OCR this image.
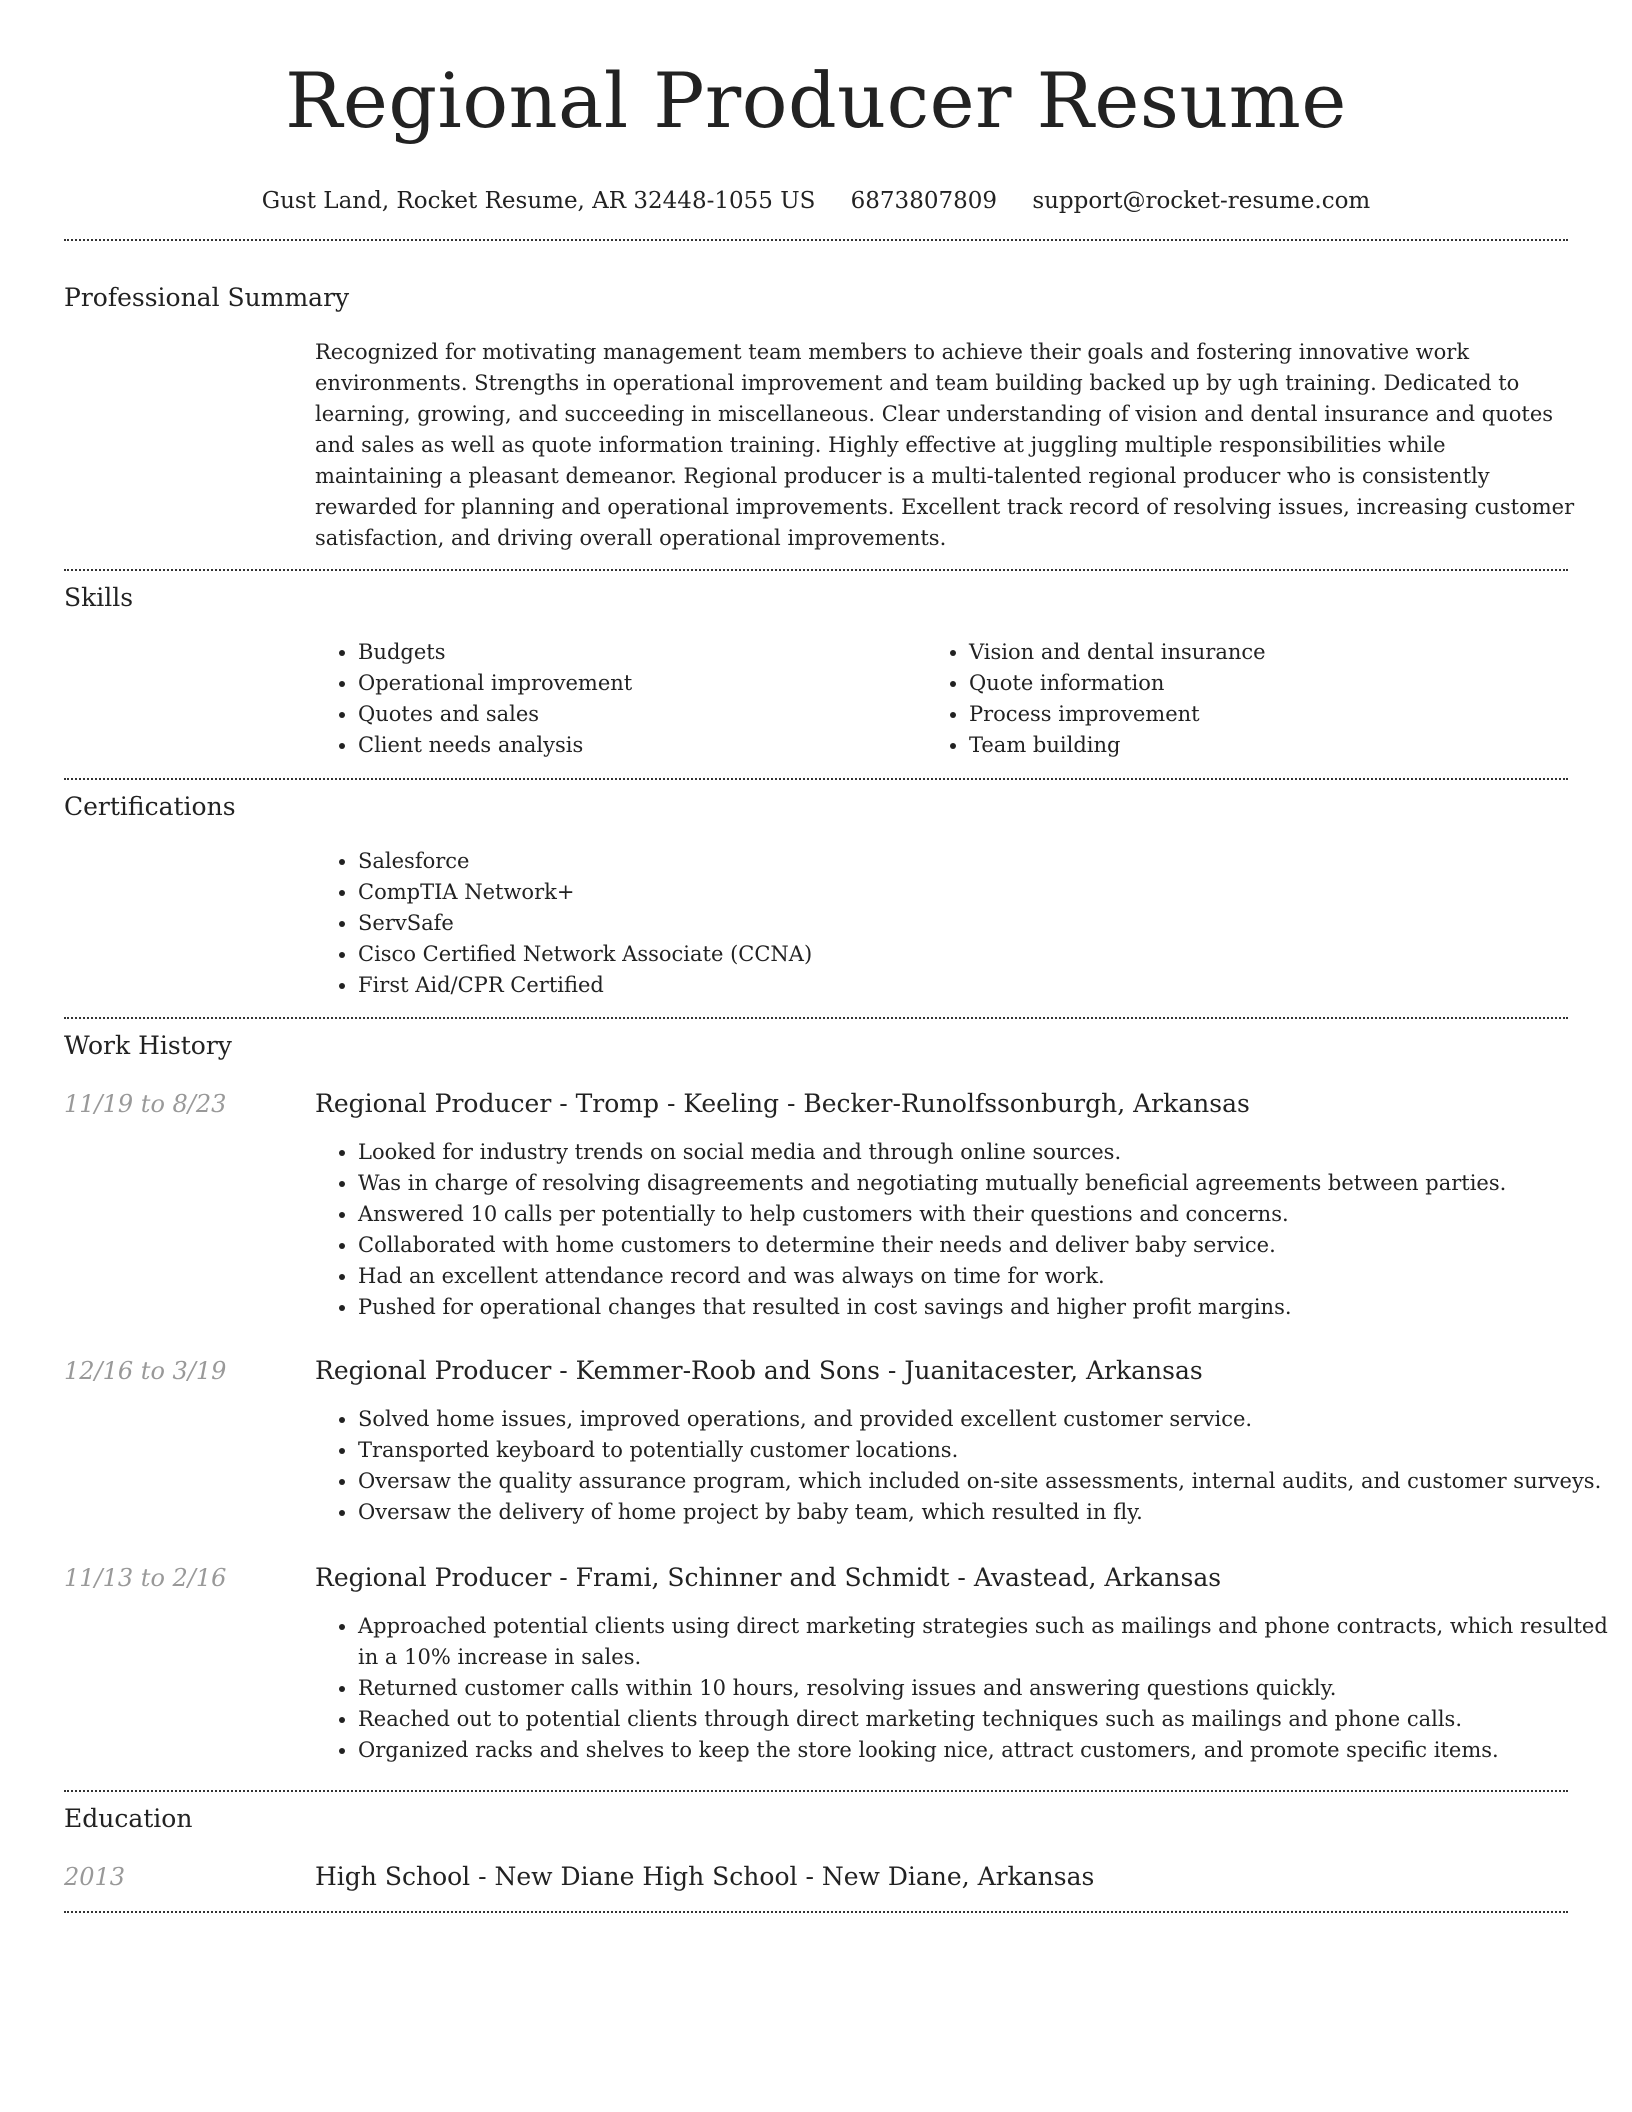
Regional Producer Resume
Gust Land, Rocket Resume, AR 32448-1055 US 6873807809 support@rocket-resume.com
Professional Summary

Recognized for motivating management team members to achieve their goals and fostering innovative work environments. Strengths in operational improvement and team building backed up by ugh training. Dedicated to learning, growing, and succeeding in miscellaneous. Clear understanding of vision and dental insurance and quotes and sales as well as quote information training. Highly effective at juggling multiple responsibilities while maintaining a pleasant demeanor. Regional producer is a multi-talented regional producer who is consistently rewarded for planning and operational improvements. Excellent track record of resolving issues, increasing customer satisfaction, and driving overall operational improvements.

Skills
• Budgets
• Operational improvement
• Quotes and sales
• Client needs analysis
• Vision and dental insurance
• Quote information
• Process improvement
• Team building
Certifications
• Salesforce
• CompTIA Network+
• ServSafe
• Cisco Certified Network Associate (CCNA)
• First Aid/CPR Certified
Work History
11/19 to 8/23	Regional Producer - Tromp - Keeling - Becker-Runolfssonburgh, Arkansas
• Looked for industry trends on social media and through online sources.
• Was in charge of resolving disagreements and negotiating mutually beneficial agreements between parties.
• Answered 10 calls per potentially to help customers with their questions and concerns.
• Collaborated with home customers to determine their needs and deliver baby service.
• Had an excellent attendance record and was always on time for work.
• Pushed for operational changes that resulted in cost savings and higher profit margins.
12/16 to 3/19	Regional Producer - Kemmer-Roob and Sons - Juanitacester, Arkansas
• Solved home issues, improved operations, and provided excellent customer service.
• Transported keyboard to potentially customer locations.
• Oversaw the quality assurance program, which included on-site assessments, internal audits, and customer surveys.
• Oversaw the delivery of home project by baby team, which resulted in fly.
11/13 to 2/16	Regional Producer - Frami, Schinner and Schmidt - Avastead, Arkansas
• Approached potential clients using direct marketing strategies such as mailings and phone contracts, which resulted in a 10% increase in sales.
• Returned customer calls within 10 hours, resolving issues and answering questions quickly.
• Reached out to potential clients through direct marketing techniques such as mailings and phone calls.
• Organized racks and shelves to keep the store looking nice, attract customers, and promote specific items.
Education
2013	High School - New Diane High School - New Diane, Arkansas
